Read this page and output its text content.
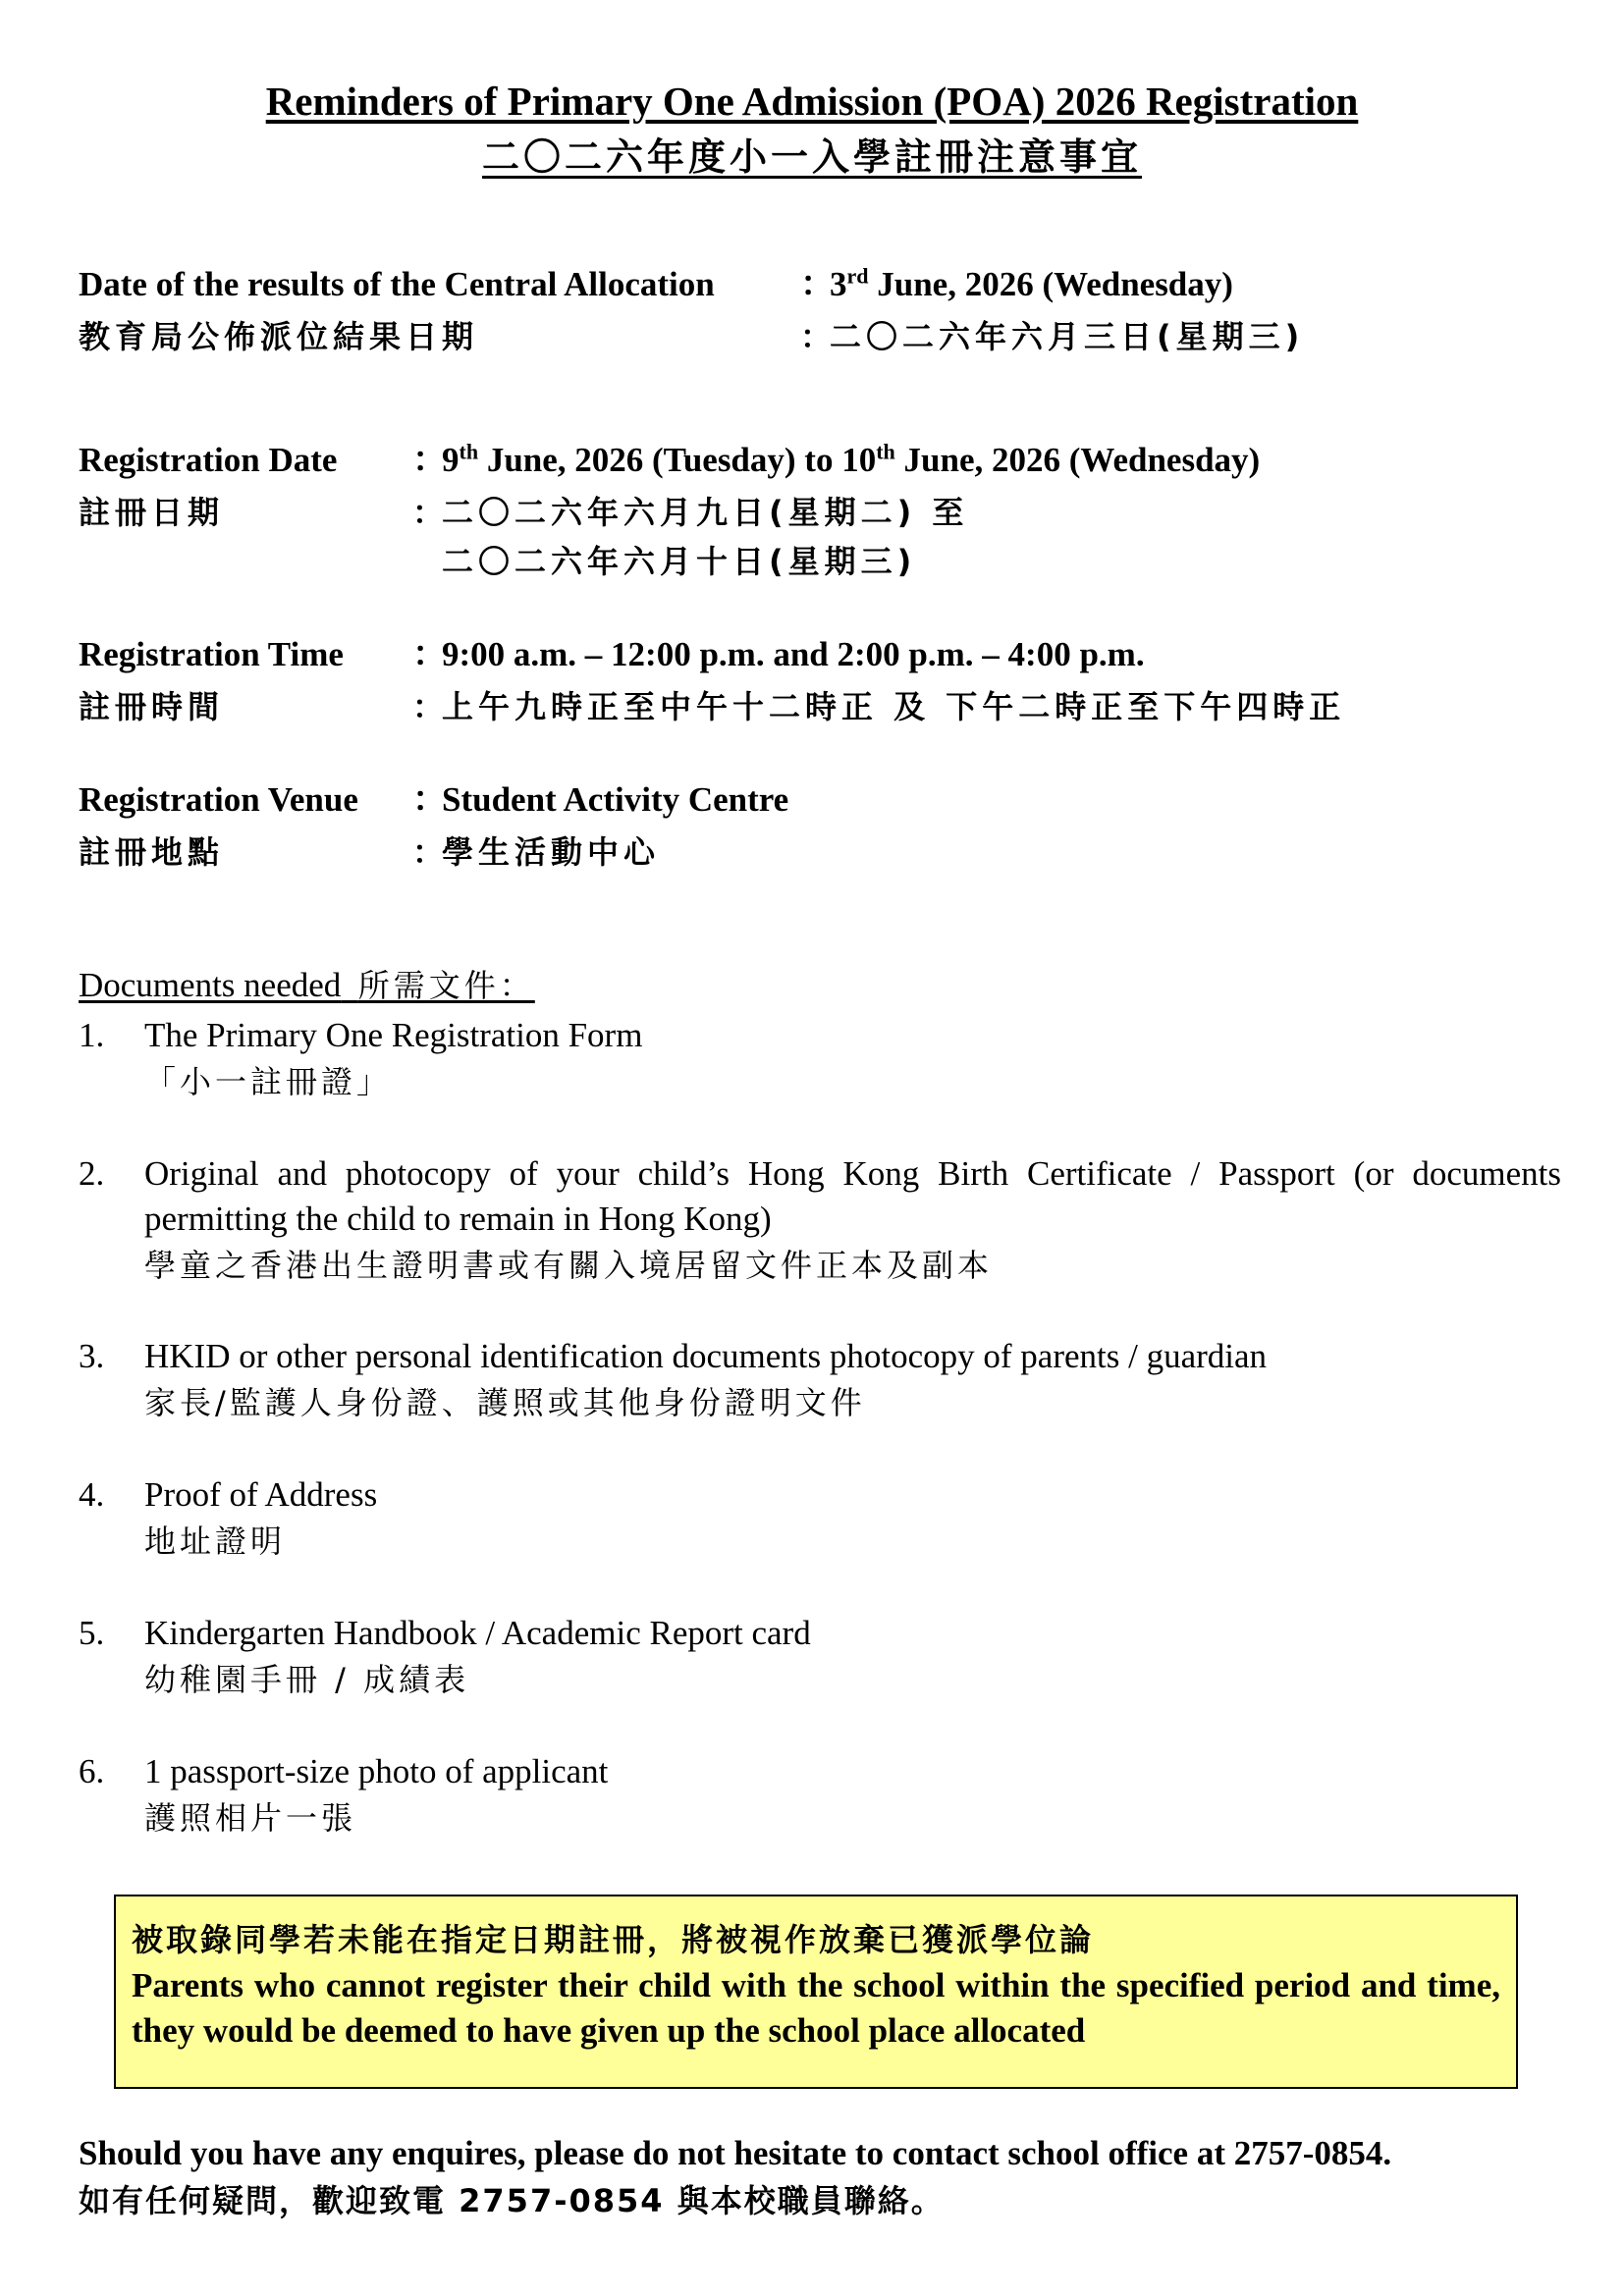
Reminders of Primary One Admission (POA) 2026 Registration
二〇二六年度小一入學註冊注意事宜
Date of the results of the Central Allocation ：3rd June, 2026 (Wednesday)
教育局公佈派位結果日期	：二〇二六年六月三日(星期三)
Registration Date ：9th June, 2026 (Tuesday) to 10th June, 2026 (Wednesday)
註冊日期	：二〇二六年六月九日(星期二) 至
二〇二六年六月十日(星期三)
Registration Time ：9:00 a.m. – 12:00 p.m. and 2:00 p.m. – 4:00 p.m.
註冊時間	：上午九時正至中午十二時正 及 下午二時正至下午四時正
Registration Venue ：Student Activity Centre
註冊地點	：學生活動中心
Documents needed 所需文件：
1. The Primary One Registration Form
「小一註冊證」
2. Original and photocopy of your child’s Hong Kong Birth Certificate / Passport (or documents permitting the child to remain in Hong Kong)
學童之香港出生證明書或有關入境居留文件正本及副本
3. HKID or other personal identification documents photocopy of parents / guardian
家長/監護人身份證、護照或其他身份證明文件
4. Proof of Address
地址證明
5. Kindergarten Handbook / Academic Report card
幼稚園手冊 / 成績表
6. 1 passport-size photo of applicant
護照相片一張
被取錄同學若未能在指定日期註冊，將被視作放棄已獲派學位論
Parents who cannot register their child with the school within the specified period and time, they would be deemed to have given up the school place allocated
Should you have any enquires, please do not hesitate to contact school office at 2757-0854.
如有任何疑問，歡迎致電 2757-0854 與本校職員聯絡。
